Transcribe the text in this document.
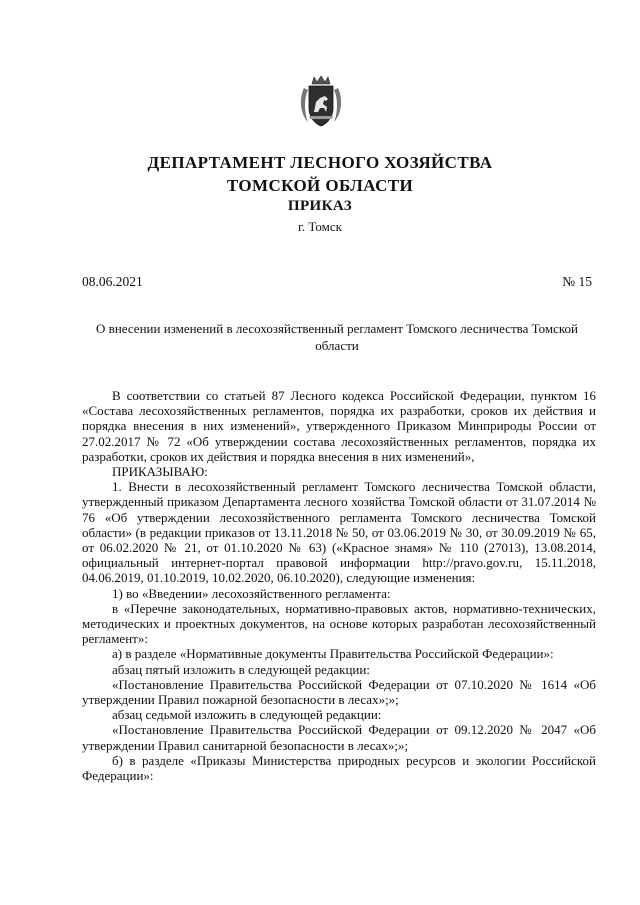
ДЕПАРТАМЕНТ ЛЕСНОГО ХОЗЯЙСТВА
ТОМСКОЙ ОБЛАСТИ
ПРИКАЗ
г. Томск
08.06.2021	№ 15
О внесении изменений в лесохозяйственный регламент Томского лесничества Томской области

В соответствии со статьей 87 Лесного кодекса Российской Федерации, пунктом 16 «Состава лесохозяйственных регламентов, порядка их разработки, сроков их действия и порядка внесения в них изменений», утвержденного Приказом Минприроды России от 27.02.2017 № 72 «Об утверждении состава лесохозяйственных регламентов, порядка их разработки, сроков их действия и порядка внесения в них изменений»,

ПРИКАЗЫВАЮ:

1. Внести в лесохозяйственный регламент Томского лесничества Томской области, утвержденный приказом Департамента лесного хозяйства Томской области от 31.07.2014 № 76 «Об утверждении лесохозяйственного регламента Томского лесничества Томской области» (в редакции приказов от 13.11.2018 № 50, от 03.06.2019 № 30, от 30.09.2019 № 65, от 06.02.2020 № 21, от 01.10.2020 № 63) («Красное знамя» № 110 (27013), 13.08.2014, официальный интернет-портал правовой информации http://pravo.gov.ru, 15.11.2018, 04.06.2019, 01.10.2019, 10.02.2020, 06.10.2020), следующие изменения:

1) во «Введении» лесохозяйственного регламента:

в «Перечне законодательных, нормативно-правовых актов, нормативно-технических, методических и проектных документов, на основе которых разработан лесохозяйственный регламент»:

а) в разделе «Нормативные документы Правительства Российской Федерации»:

абзац пятый изложить в следующей редакции:

«Постановление Правительства Российской Федерации от 07.10.2020 № 1614 «Об утверждении Правил пожарной безопасности в лесах»;»;

абзац седьмой изложить в следующей редакции:

«Постановление Правительства Российской Федерации от 09.12.2020 № 2047 «Об утверждении Правил санитарной безопасности в лесах»;»;

б) в разделе «Приказы Министерства природных ресурсов и экологии Российской Федерации»:
